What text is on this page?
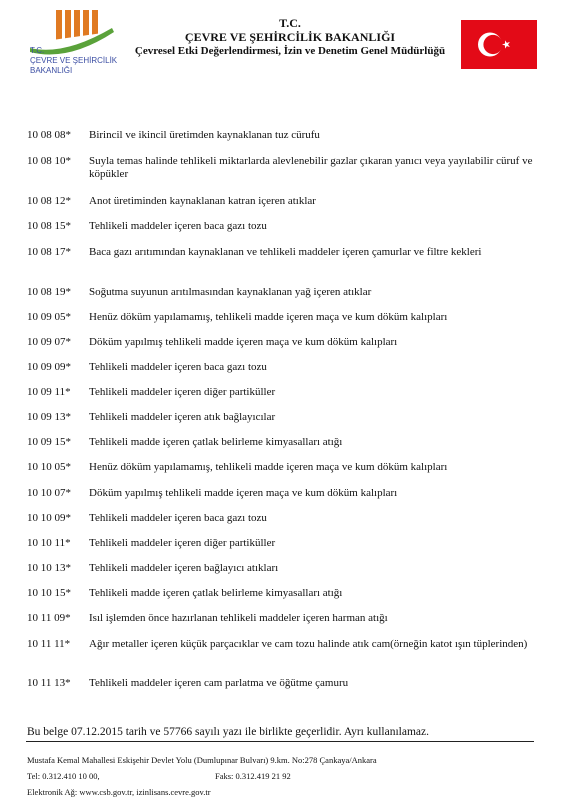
T.C.
ÇEVRE VE ŞEHİRCİLİK
BAKANLIĞI
T.C.
ÇEVRE VE ŞEHİRCİLİK BAKANLIĞI
Çevresel Etki Değerlendirmesi, İzin ve Denetim Genel Müdürlüğü
10 08 08*	Birincil ve ikincil üretimden kaynaklanan tuz cürufu
10 08 10*	Suyla temas halinde tehlikeli miktarlarda alevlenebilir gazlar çıkaran yanıcı veya yayılabilir cüruf ve köpükler
10 08 12*	Anot üretiminden kaynaklanan katran içeren atıklar
10 08 15*	Tehlikeli maddeler içeren baca gazı tozu
10 08 17*	Baca gazı arıtımından kaynaklanan ve tehlikeli maddeler içeren çamurlar ve filtre kekleri
10 08 19*	Soğutma suyunun arıtılmasından kaynaklanan yağ içeren atıklar
10 09 05*	Henüz döküm yapılamamış, tehlikeli madde içeren maça ve kum döküm kalıpları
10 09 07*	Döküm yapılmış tehlikeli madde içeren maça ve kum döküm kalıpları
10 09 09*	Tehlikeli maddeler içeren baca gazı tozu
10 09 11*	Tehlikeli maddeler içeren diğer partiküller
10 09 13*	Tehlikeli maddeler içeren atık bağlayıcılar
10 09 15*	Tehlikeli madde içeren çatlak belirleme kimyasalları atığı
10 10 05*	Henüz döküm yapılamamış, tehlikeli madde içeren maça ve kum döküm kalıpları
10 10 07*	Döküm yapılmış tehlikeli madde içeren maça ve kum döküm kalıpları
10 10 09*	Tehlikeli maddeler içeren baca gazı tozu
10 10 11*	Tehlikeli maddeler içeren diğer partiküller
10 10 13*	Tehlikeli maddeler içeren bağlayıcı atıkları
10 10 15*	Tehlikeli madde içeren çatlak belirleme kimyasalları atığı
10 11 09*	Isıl işlemden önce hazırlanan tehlikeli maddeler içeren harman atığı
10 11 11*	Ağır metaller içeren küçük parçacıklar ve cam tozu halinde atık cam(örneğin katot ışın tüplerinden)
10 11 13*	Tehlikeli maddeler içeren cam parlatma ve öğütme çamuru
Bu belge 07.12.2015 tarih ve 57766 sayılı yazı ile birlikte geçerlidir. Ayrı kullanılamaz.
Mustafa Kemal Mahallesi Eskişehir Devlet Yolu (Dumlupınar Bulvarı) 9.km. No:278 Çankaya/Ankara
Tel: 0.312.410 10 00,	Faks: 0.312.419 21 92
Elektronik Ağ: www.csb.gov.tr, izinlisans.cevre.gov.tr
